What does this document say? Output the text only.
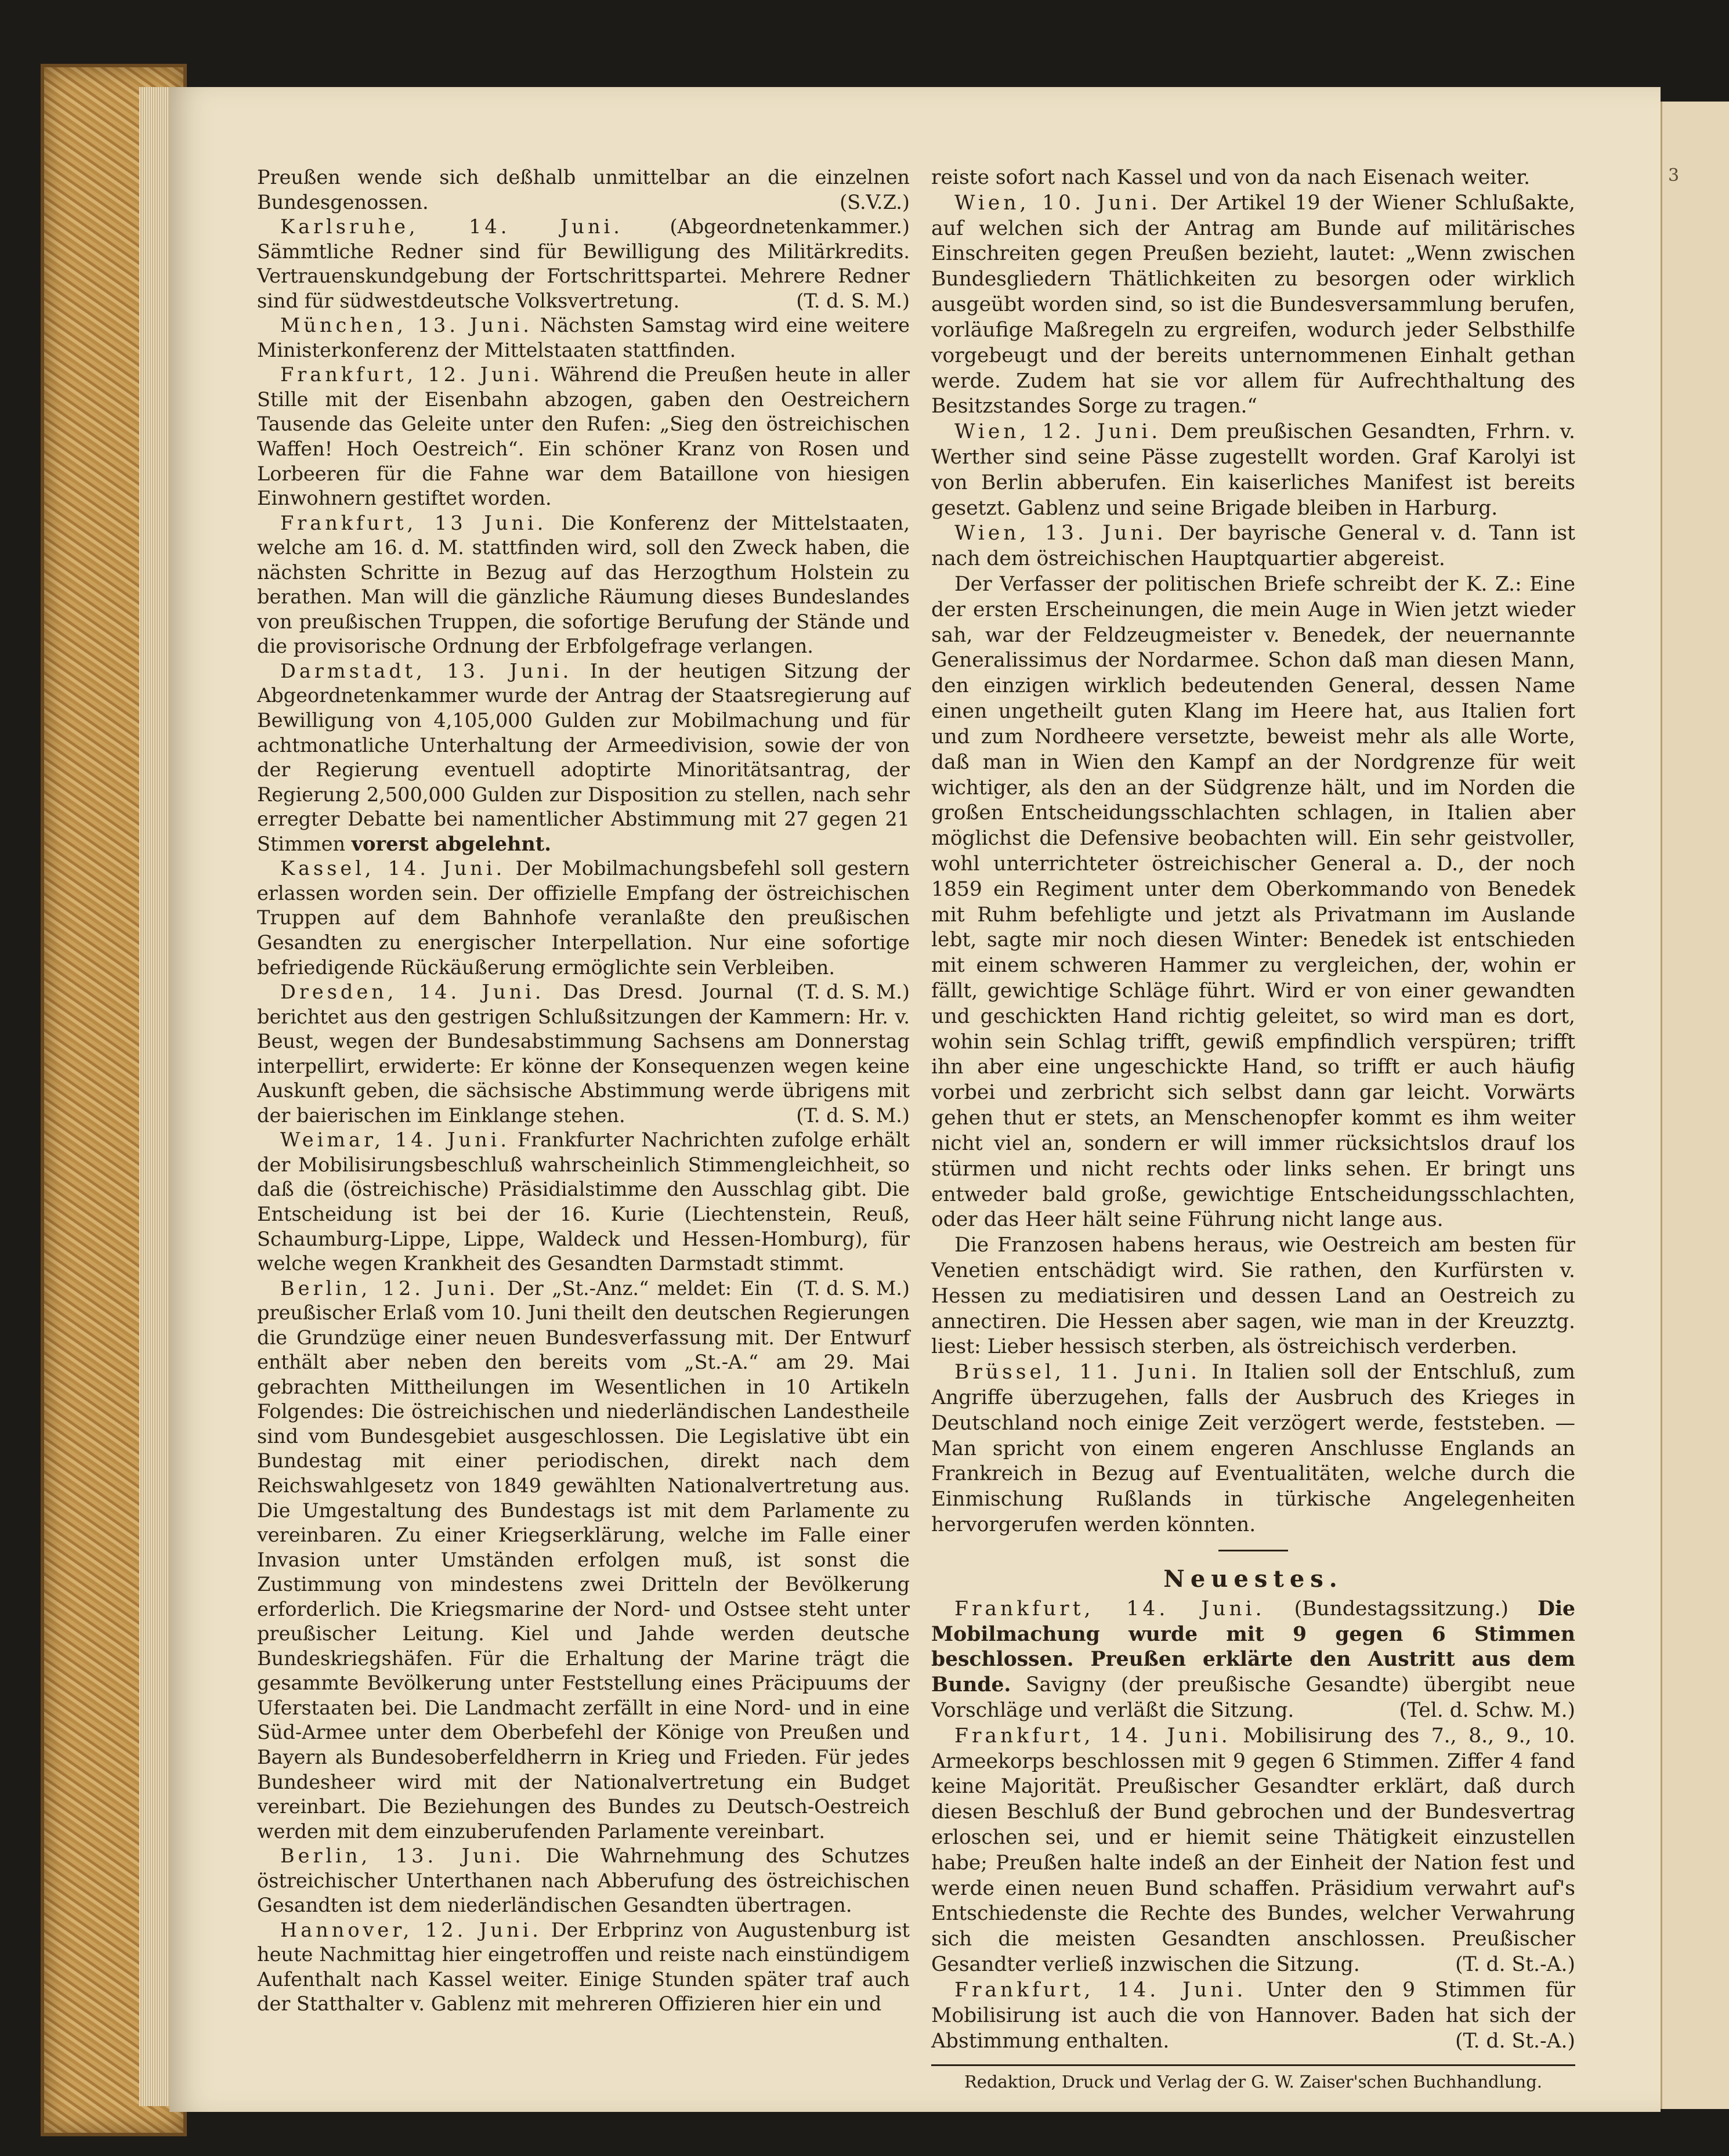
3

Preußen wende sich deßhalb unmittelbar an die einzelnen Bundesgenossen.	(S.V.Z.)

Karlsruhe, 14. Juni. (Abgeordnetenkammer.) Sämmtliche Redner sind für Bewilligung des Militärkredits. Vertrauenskundgebung der Fortschrittspartei. Mehrere Redner sind für südwestdeutsche Volksvertretung.	(T. d. S. M.)

München, 13. Juni. Nächsten Samstag wird eine weitere Ministerkonferenz der Mittelstaaten stattfinden.

Frankfurt, 12. Juni. Während die Preußen heute in aller Stille mit der Eisenbahn abzogen, gaben den Oestreichern Tausende das Geleite unter den Rufen: „Sieg den östreichischen Waffen! Hoch Oestreich“. Ein schöner Kranz von Rosen und Lorbeeren für die Fahne war dem Bataillone von hiesigen Einwohnern gestiftet worden.

Frankfurt, 13 Juni. Die Konferenz der Mittelstaaten, welche am 16. d. M. stattfinden wird, soll den Zweck haben, die nächsten Schritte in Bezug auf das Herzogthum Holstein zu berathen. Man will die gänzliche Räumung dieses Bundeslandes von preußischen Truppen, die sofortige Berufung der Stände und die provisorische Ordnung der Erbfolgefrage verlangen.

Darmstadt, 13. Juni. In der heutigen Sitzung der Abgeordnetenkammer wurde der Antrag der Staatsregierung auf Bewilligung von 4,105,000 Gulden zur Mobilmachung und für achtmonatliche Unterhaltung der Armeedivision, sowie der von der Regierung eventuell adoptirte Minoritätsantrag, der Regierung 2,500,000 Gulden zur Disposition zu stellen, nach sehr erregter Debatte bei namentlicher Abstimmung mit 27 gegen 21 Stimmen vorerst abgelehnt.

Kassel, 14. Juni. Der Mobilmachungsbefehl soll gestern erlassen worden sein. Der offizielle Empfang der östreichischen Truppen auf dem Bahnhofe veranlaßte den preußischen Gesandten zu energischer Interpellation. Nur eine sofortige befriedigende Rückäußerung ermöglichte sein Verbleiben.
(T. d. S. M.)

Dresden, 14. Juni. Das Dresd. Journal berichtet aus den gestrigen Schlußsitzungen der Kammern: Hr. v. Beust, wegen der Bundesabstimmung Sachsens am Donnerstag interpellirt, erwiderte: Er könne der Konsequenzen wegen keine Auskunft geben, die sächsische Abstimmung werde übrigens mit der baierischen im Einklange stehen.	(T. d. S. M.)

Weimar, 14. Juni. Frankfurter Nachrichten zufolge erhält der Mobilisirungsbeschluß wahrscheinlich Stimmengleichheit, so daß die (östreichische) Präsidialstimme den Ausschlag gibt. Die Entscheidung ist bei der 16. Kurie (Liechtenstein, Reuß, Schaumburg-Lippe, Lippe, Waldeck und Hessen-Homburg), für welche wegen Krankheit des Gesandten Darmstadt stimmt.
(T. d. S. M.)

Berlin, 12. Juni. Der „St.-Anz.“ meldet: Ein preußischer Erlaß vom 10. Juni theilt den deutschen Regierungen die Grundzüge einer neuen Bundesverfassung mit. Der Entwurf enthält aber neben den bereits vom „St.-A.“ am 29. Mai gebrachten Mittheilungen im Wesentlichen in 10 Artikeln Folgendes: Die östreichischen und niederländischen Landestheile sind vom Bundesgebiet ausgeschlossen. Die Legislative übt ein Bundestag mit einer periodischen, direkt nach dem Reichswahlgesetz von 1849 gewählten Nationalvertretung aus. Die Umgestaltung des Bundestags ist mit dem Parlamente zu vereinbaren. Zu einer Kriegserklärung, welche im Falle einer Invasion unter Umständen erfolgen muß, ist sonst die Zustimmung von mindestens zwei Dritteln der Bevölkerung erforderlich. Die Kriegsmarine der Nord- und Ostsee steht unter preußischer Leitung. Kiel und Jahde werden deutsche Bundeskriegshäfen. Für die Erhaltung der Marine trägt die gesammte Bevölkerung unter Feststellung eines Präcipuums der Uferstaaten bei. Die Landmacht zerfällt in eine Nord- und in eine Süd-Armee unter dem Oberbefehl der Könige von Preußen und Bayern als Bundesoberfeldherrn in Krieg und Frieden. Für jedes Bundesheer wird mit der Nationalvertretung ein Budget vereinbart. Die Beziehungen des Bundes zu Deutsch-Oestreich werden mit dem einzuberufenden Parlamente vereinbart.

Berlin, 13. Juni. Die Wahrnehmung des Schutzes östreichischer Unterthanen nach Abberufung des östreichischen Gesandten ist dem niederländischen Gesandten übertragen.

Hannover, 12. Juni. Der Erbprinz von Augustenburg ist heute Nachmittag hier eingetroffen und reiste nach einstündigem Aufenthalt nach Kassel weiter. Einige Stunden später traf auch der Statthalter v. Gablenz mit mehreren Offizieren hier ein und

reiste sofort nach Kassel und von da nach Eisenach weiter.

Wien, 10. Juni. Der Artikel 19 der Wiener Schlußakte, auf welchen sich der Antrag am Bunde auf militärisches Einschreiten gegen Preußen bezieht, lautet: „Wenn zwischen Bundesgliedern Thätlichkeiten zu besorgen oder wirklich ausgeübt worden sind, so ist die Bundesversammlung berufen, vorläufige Maßregeln zu ergreifen, wodurch jeder Selbsthilfe vorgebeugt und der bereits unternommenen Einhalt gethan werde. Zudem hat sie vor allem für Aufrechthaltung des Besitzstandes Sorge zu tragen.“

Wien, 12. Juni. Dem preußischen Gesandten, Frhrn. v. Werther sind seine Pässe zugestellt worden. Graf Karolyi ist von Berlin abberufen. Ein kaiserliches Manifest ist bereits gesetzt. Gablenz und seine Brigade bleiben in Harburg.

Wien, 13. Juni. Der bayrische General v. d. Tann ist nach dem östreichischen Hauptquartier abgereist.

Der Verfasser der politischen Briefe schreibt der K. Z.: Eine der ersten Erscheinungen, die mein Auge in Wien jetzt wieder sah, war der Feldzeugmeister v. Benedek, der neuernannte Generalissimus der Nordarmee. Schon daß man diesen Mann, den einzigen wirklich bedeutenden General, dessen Name einen ungetheilt guten Klang im Heere hat, aus Italien fort und zum Nordheere versetzte, beweist mehr als alle Worte, daß man in Wien den Kampf an der Nordgrenze für weit wichtiger, als den an der Südgrenze hält, und im Norden die großen Entscheidungsschlachten schlagen, in Italien aber möglichst die Defensive beobachten will. Ein sehr geistvoller, wohl unterrichteter östreichischer General a. D., der noch 1859 ein Regiment unter dem Oberkommando von Benedek mit Ruhm befehligte und jetzt als Privatmann im Auslande lebt, sagte mir noch diesen Winter: Benedek ist entschieden mit einem schweren Hammer zu vergleichen, der, wohin er fällt, gewichtige Schläge führt. Wird er von einer gewandten und geschickten Hand richtig geleitet, so wird man es dort, wohin sein Schlag trifft, gewiß empfindlich verspüren; trifft ihn aber eine ungeschickte Hand, so trifft er auch häufig vorbei und zerbricht sich selbst dann gar leicht. Vorwärts gehen thut er stets, an Menschenopfer kommt es ihm weiter nicht viel an, sondern er will immer rücksichtslos drauf los stürmen und nicht rechts oder links sehen. Er bringt uns entweder bald große, gewichtige Entscheidungsschlachten, oder das Heer hält seine Führung nicht lange aus.

Die Franzosen habens heraus, wie Oestreich am besten für Venetien entschädigt wird. Sie rathen, den Kurfürsten v. Hessen zu mediatisiren und dessen Land an Oestreich zu annectiren. Die Hessen aber sagen, wie man in der Kreuzztg. liest: Lieber hessisch sterben, als östreichisch verderben.

Brüssel, 11. Juni. In Italien soll der Entschluß, zum Angriffe überzugehen, falls der Ausbruch des Krieges in Deutschland noch einige Zeit verzögert werde, feststeben. — Man spricht von einem engeren Anschlusse Englands an Frankreich in Bezug auf Eventualitäten, welche durch die Einmischung Rußlands in türkische Angelegenheiten hervorgerufen werden könnten.

Neuestes.

Frankfurt, 14. Juni. (Bundestagssitzung.) Die Mobilmachung wurde mit 9 gegen 6 Stimmen beschlossen. Preußen erklärte den Austritt aus dem Bunde. Savigny (der preußische Gesandte) übergibt neue Vorschläge und verläßt die Sitzung.	(Tel. d. Schw. M.)

Frankfurt, 14. Juni. Mobilisirung des 7., 8., 9., 10. Armeekorps beschlossen mit 9 gegen 6 Stimmen. Ziffer 4 fand keine Majorität. Preußischer Gesandter erklärt, daß durch diesen Beschluß der Bund gebrochen und der Bundesvertrag erloschen sei, und er hiemit seine Thätigkeit einzustellen habe; Preußen halte indeß an der Einheit der Nation fest und werde einen neuen Bund schaffen. Präsidium verwahrt auf's Entschiedenste die Rechte des Bundes, welcher Verwahrung sich die meisten Gesandten anschlossen. Preußischer Gesandter verließ inzwischen die Sitzung.	(T. d. St.-A.)

Frankfurt, 14. Juni. Unter den 9 Stimmen für Mobilisirung ist auch die von Hannover. Baden hat sich der Abstimmung enthalten.	(T. d. St.-A.)

Redaktion, Druck und Verlag der G. W. Zaiser'schen Buchhandlung.
